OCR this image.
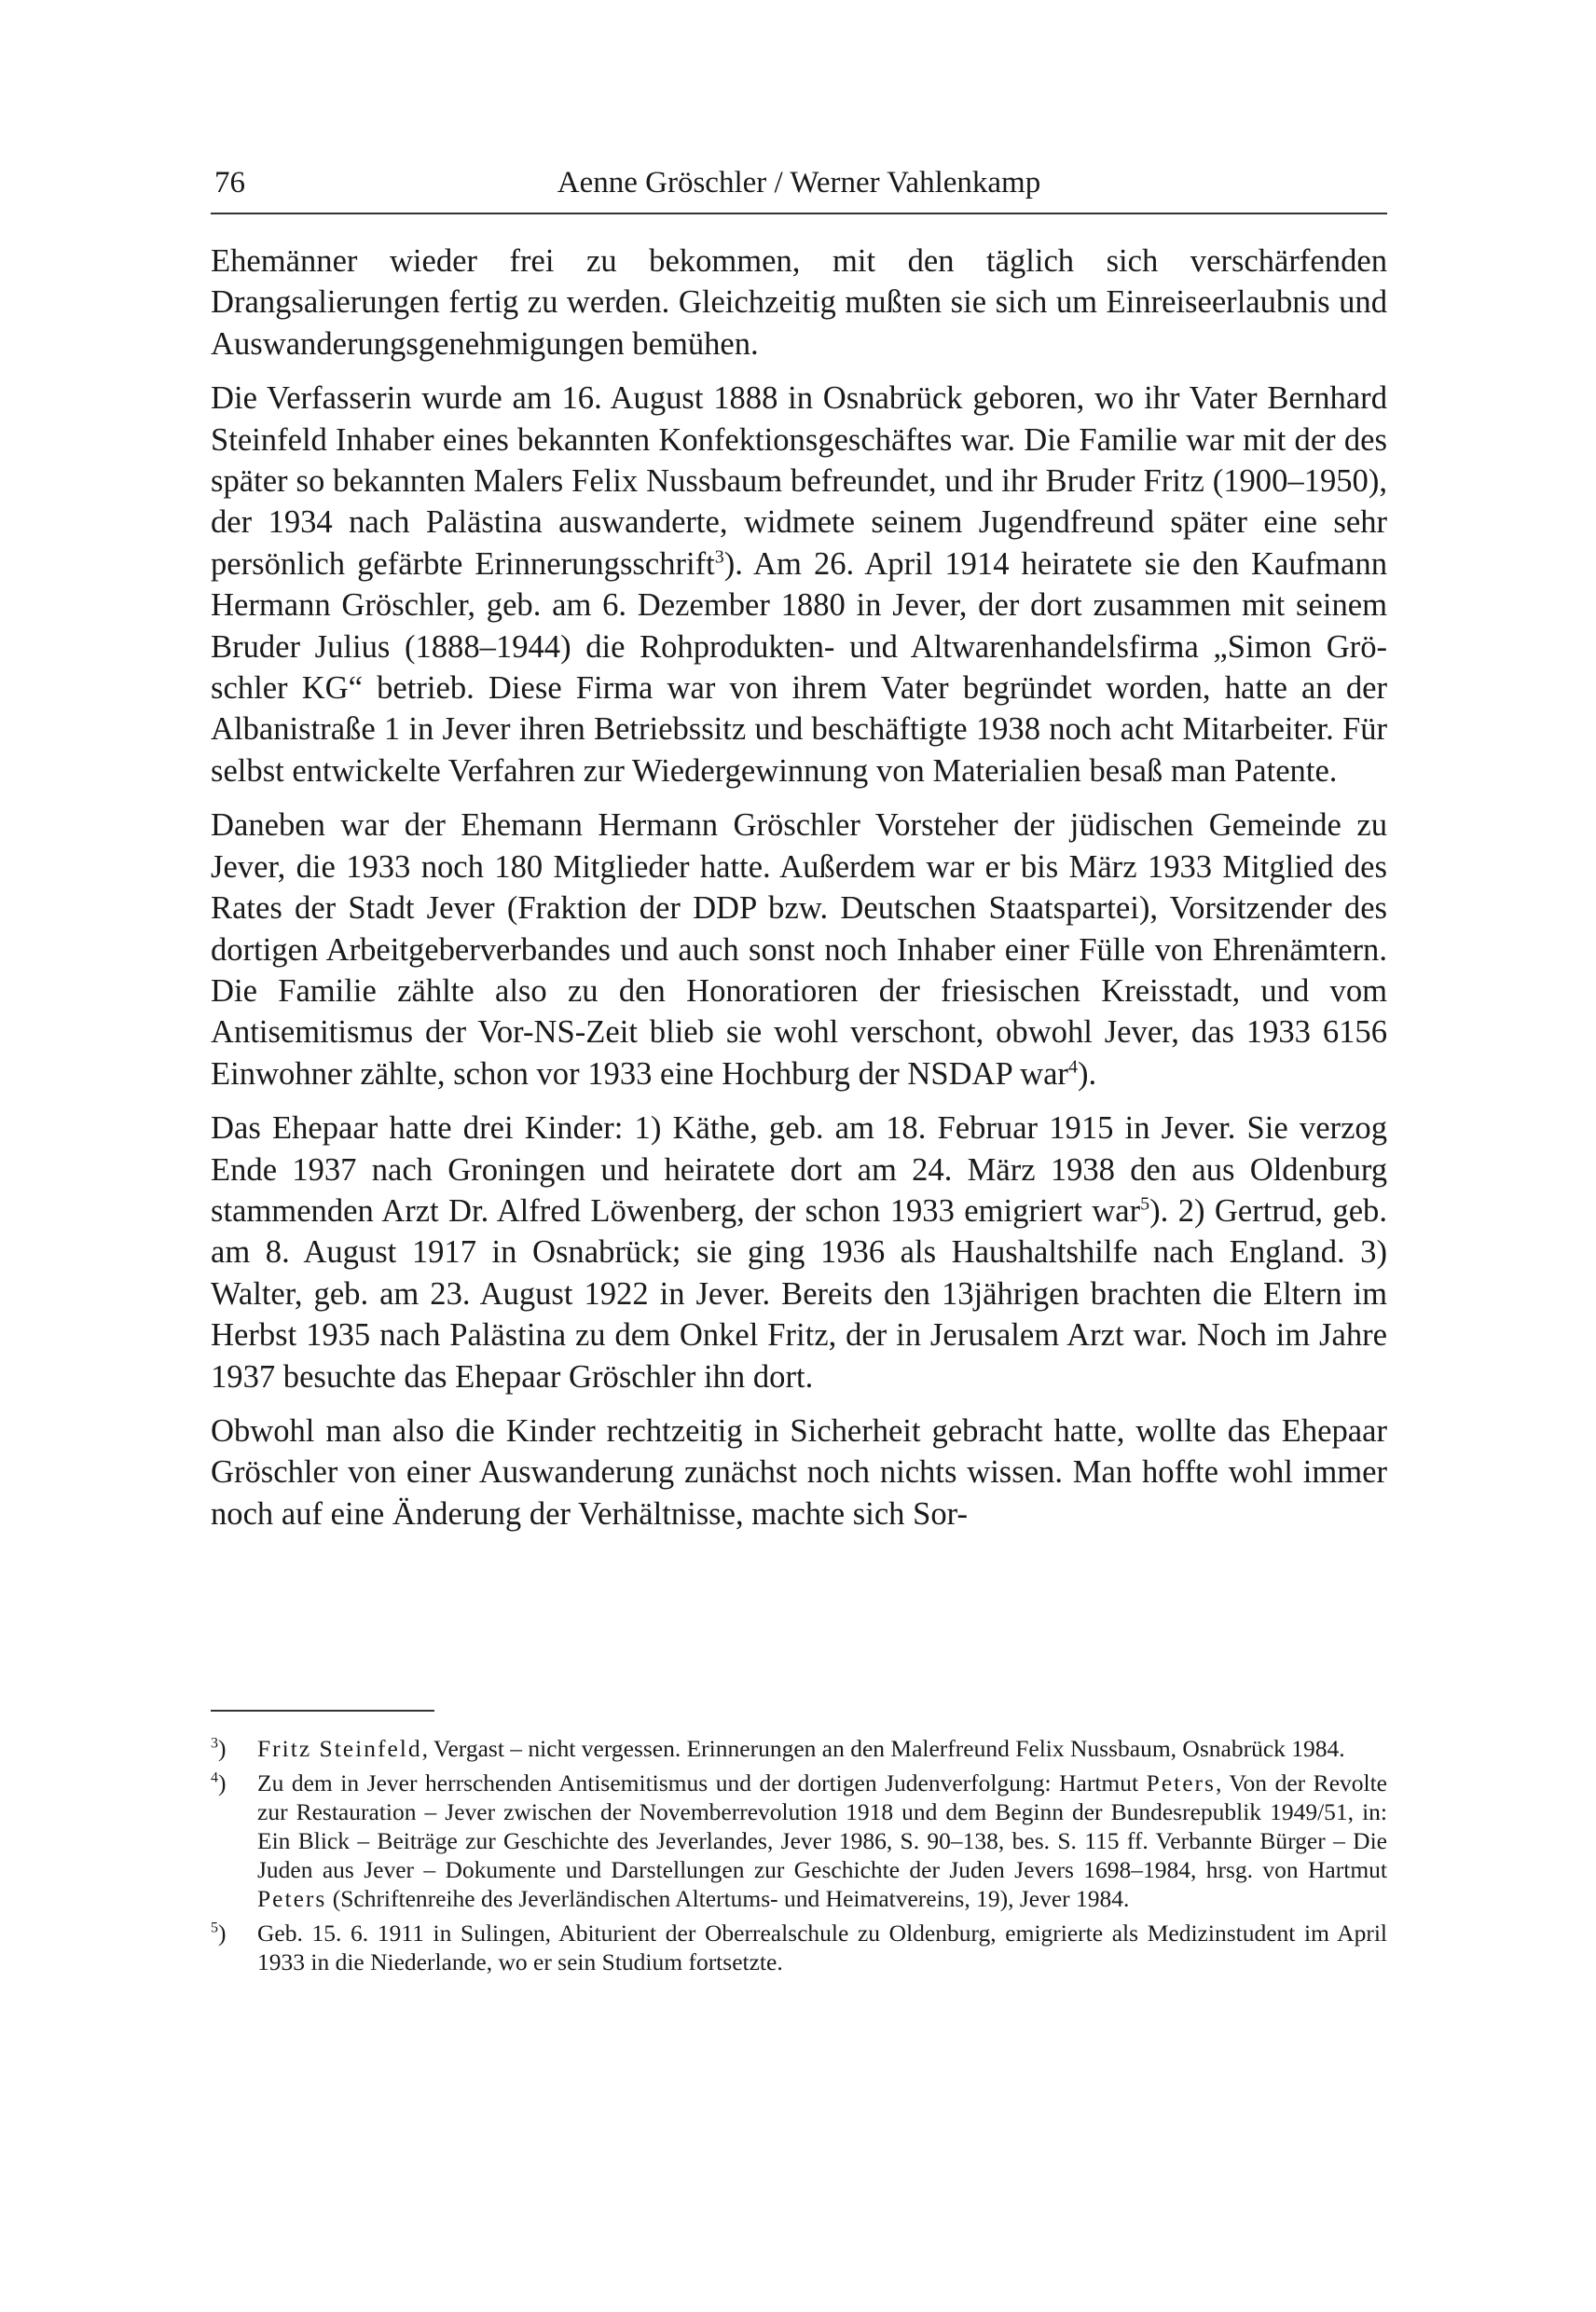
76	Aenne Gröschler / Werner Vahlenkamp

Ehemänner wieder frei zu bekommen, mit den täglich sich verschärfenden Drangsalierungen fertig zu werden. Gleichzeitig mußten sie sich um Einreiseerlaubnis und Auswanderungsgenehmigungen bemühen.

Die Verfasserin wurde am 16. August 1888 in Osnabrück geboren, wo ihr Vater Bernhard Steinfeld Inhaber eines bekannten Konfektionsgeschäftes war. Die Familie war mit der des später so bekannten Malers Felix Nussbaum befreundet, und ihr Bruder Fritz (1900–1950), der 1934 nach Palästina auswanderte, widmete seinem Jugendfreund später eine sehr persönlich gefärbte Erinnerungsschrift$^3$). Am 26. April 1914 heiratete sie den Kaufmann Hermann Gröschler, geb. am 6. Dezember 1880 in Jever, der dort zusammen mit seinem Bruder Julius (1888–1944) die Rohprodukten- und Altwarenhandelsfirma „Simon Gröschler KG“ betrieb. Diese Firma war von ihrem Vater begründet worden, hatte an der Albanistraße 1 in Jever ihren Betriebssitz und beschäftigte 1938 noch acht Mitarbeiter. Für selbst entwickelte Verfahren zur Wiedergewinnung von Materialien besaß man Patente.

Daneben war der Ehemann Hermann Gröschler Vorsteher der jüdischen Gemeinde zu Jever, die 1933 noch 180 Mitglieder hatte. Außerdem war er bis März 1933 Mitglied des Rates der Stadt Jever (Fraktion der DDP bzw. Deutschen Staatspartei), Vorsitzender des dortigen Arbeitgeberverbandes und auch sonst noch Inhaber einer Fülle von Ehrenämtern. Die Familie zählte also zu den Honoratioren der friesischen Kreisstadt, und vom Antisemitismus der Vor-NS-Zeit blieb sie wohl verschont, obwohl Jever, das 1933 6156 Einwohner zählte, schon vor 1933 eine Hochburg der NSDAP war$^4$).

Das Ehepaar hatte drei Kinder: 1) Käthe, geb. am 18. Februar 1915 in Jever. Sie verzog Ende 1937 nach Groningen und heiratete dort am 24. März 1938 den aus Oldenburg stammenden Arzt Dr. Alfred Löwenberg, der schon 1933 emigriert war$^5$). 2) Gertrud, geb. am 8. August 1917 in Osnabrück; sie ging 1936 als Haushaltshilfe nach England. 3) Walter, geb. am 23. August 1922 in Jever. Bereits den 13jährigen brachten die Eltern im Herbst 1935 nach Palästina zu dem Onkel Fritz, der in Jerusalem Arzt war. Noch im Jahre 1937 besuchte das Ehepaar Gröschler ihn dort.

Obwohl man also die Kinder rechtzeitig in Sicherheit gebracht hatte, wollte das Ehepaar Gröschler von einer Auswanderung zunächst noch nichts wissen. Man hoffte wohl immer noch auf eine Änderung der Verhältnisse, machte sich Sor-

$^3$)	Fritz Steinfeld, Vergast – nicht vergessen. Erinnerungen an den Malerfreund Felix Nussbaum, Osnabrück 1984.
$^4$)	Zu dem in Jever herrschenden Antisemitismus und der dortigen Judenverfolgung: Hartmut Peters, Von der Revolte zur Restauration – Jever zwischen der Novemberrevolution 1918 und dem Beginn der Bundesrepublik 1949/51, in: Ein Blick – Beiträge zur Geschichte des Jeverlandes, Jever 1986, S. 90–138, bes. S. 115 ff. Verbannte Bürger – Die Juden aus Jever – Dokumente und Darstellungen zur Geschichte der Juden Jevers 1698–1984, hrsg. von Hartmut Peters (Schriftenreihe des Jeverländischen Altertums- und Heimatvereins, 19), Jever 1984.
$^5$)	Geb. 15. 6. 1911 in Sulingen, Abiturient der Oberrealschule zu Oldenburg, emigrierte als Medizinstudent im April 1933 in die Niederlande, wo er sein Studium fortsetzte.
